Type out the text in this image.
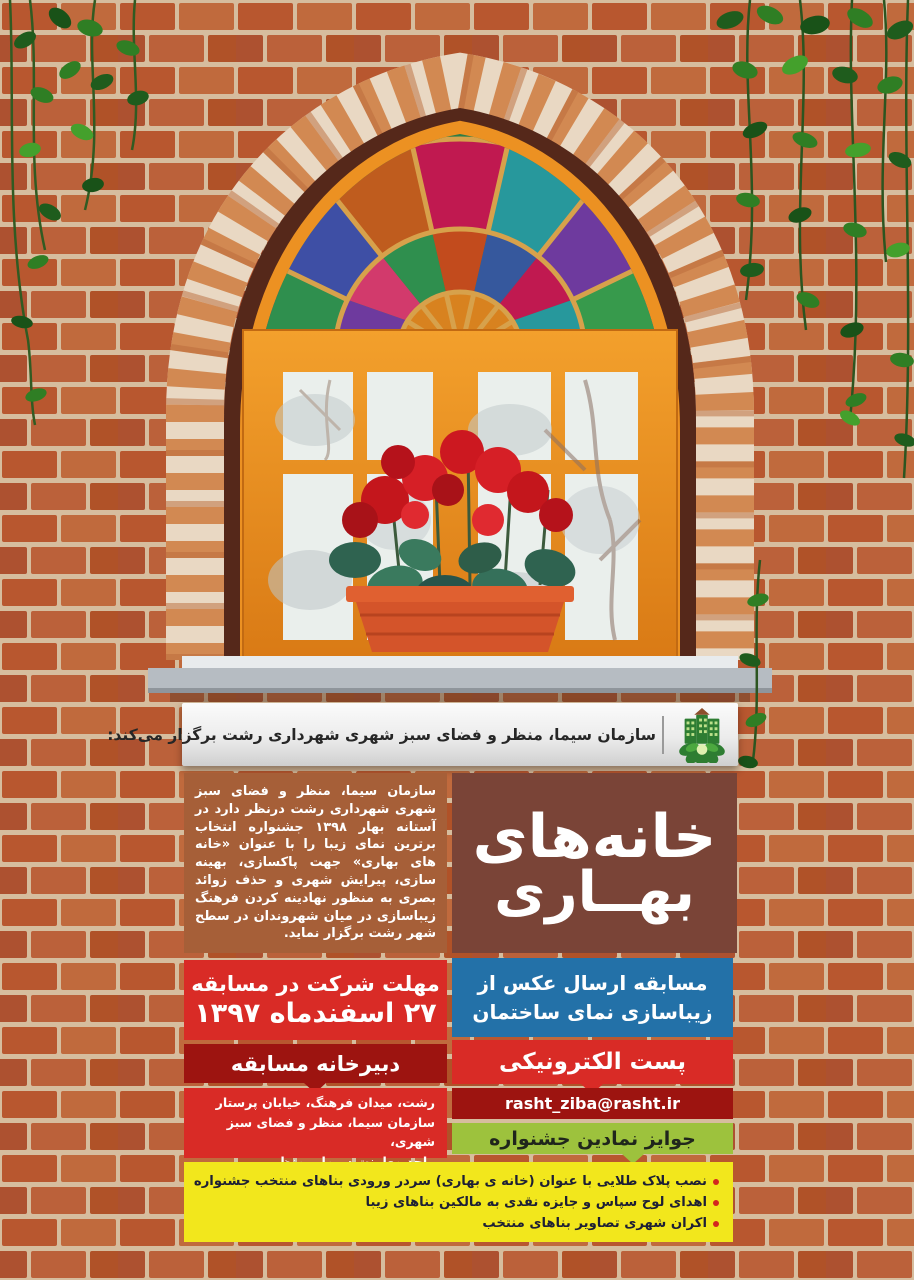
سازمان سیما، منظر و فضای سبز شهری شهرداری رشت برگزار می‌کند:
سازمان سیما، منظر و فضای سبز شهری شهرداری رشت درنظر دارد در آستانه بهار ۱۳۹۸ جشنواره انتخاب برترین نمای زیبا را با عنوان «خانه های بهاری» جهت پاکسازی، بهینه سازی، پیرایش شهری و حذف زوائد بصری به منظور نهادینه کردن فرهنگ زیباسازی در میان شهروندان در سطح شهر رشت برگزار نماید.
خانه‌های
بهــاری
مهلت شرکت در مسابقه
۲۷ اسفندماه ۱۳۹۷
مسابقه ارسال عکس از
زیباسازی نمای ساختمان
دبیرخانه مسابقه
رشت، میدان فرهنگ، خیابان پرستار
سازمان سیما، منظر و فضای سبز شهری،
پست الکترونیکی
rasht_ziba@rasht.ir
جوایز نمادین جشنواره
نصب پلاک طلایی با عنوان (خانه ی بهاری) سردر ورودی بناهای منتخب جشنواره
اهدای لوح سپاس و جایزه نقدی به مالکین بناهای زیبا
اکران شهری تصاویر بناهای منتخب
